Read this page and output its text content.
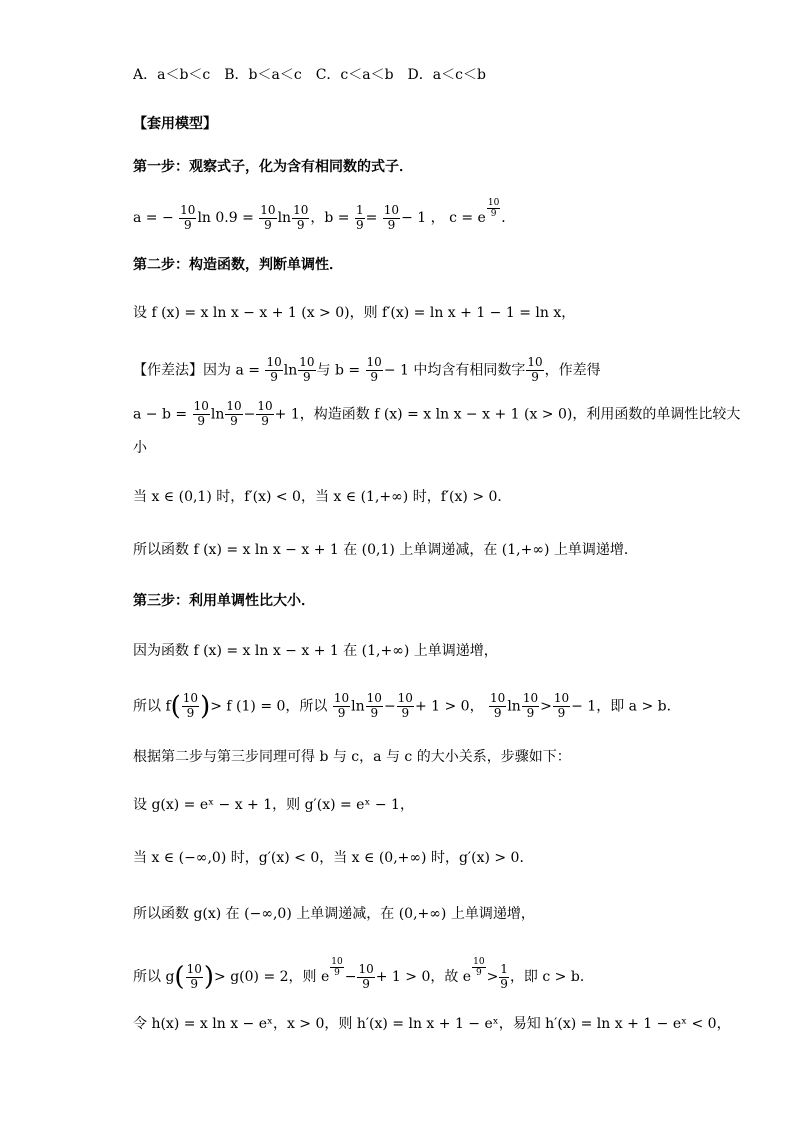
A．a＜b＜c　B．b＜a＜c　C．c＜a＜b　D．a＜c＜b
【套用模型】
第一步：观察式子，化为含有相同数的式子．
a = − $\frac{10}{9}$ $\ln 0.9 = \frac{10}{9}$ $\ln \frac{10}{9}$ ，$b = \frac{1}{9} = \frac{10}{9} - 1$ ， c = e $\frac{10}{9}$ ．
第二步：构造函数，判断单调性．
设 f (x) = x ln x − x + 1 (x > 0)，则 f′(x) = ln x + 1 − 1 = ln x，
【作差法】因为 $a = \frac{10}{9}$ $\ln \frac{10}{9}$ 与 $b = \frac{10}{9} - 1$ 中均含有相同数字 $\frac{10}{9}$ ，作差得
$a - b = \frac{10}{9}$ $\ln \frac{10}{9} - \frac{10}{9} + 1$，构造函数 f (x) = x ln x − x + 1 (x > 0)，利用函数的单调性比较大
小
当 x ∈ (0,1) 时，f′(x) < 0，当 x ∈ (1,+∞) 时，f′(x) > 0．
所以函数 f (x) = x ln x − x + 1 在 (0,1) 上单调递减，在 (1,+∞) 上单调递增．
第三步：利用单调性比大小．
因为函数 f (x) = x ln x − x + 1 在 (1,+∞) 上单调递增，
所以 $f( \frac{10}{9}$ )> f (1) = 0，所以 $\frac{10}{9}$ $\ln \frac{10}{9} - \frac{10}{9} + 1 > 0$， $\frac{10}{9}$ $\ln \frac{10}{9} > \frac{10}{9} - 1$，即 a > b．
根据第二步与第三步同理可得 b 与 c，a 与 c 的大小关系，步骤如下：
设 g(x) = eˣ − x + 1，则 g′(x) = eˣ − 1，
当 x ∈ (−∞,0) 时，g′(x) < 0，当 x ∈ (0,+∞) 时，g′(x) > 0．
所以函数 g(x) 在 (−∞,0) 上单调递减，在 (0,+∞) 上单调递增，
所以 $g( \frac{10}{9}$ )> g(0) = 2，则 e $\frac{10}{9} - \frac{10}{9} + 1 > 0$，故 e $\frac{10}{9} > \frac{1}{9}$ ，即 c > b．
令 h(x) = x ln x − eˣ，x > 0，则 h′(x) = ln x + 1 − eˣ，易知 h′(x) = ln x + 1 − eˣ < 0，
